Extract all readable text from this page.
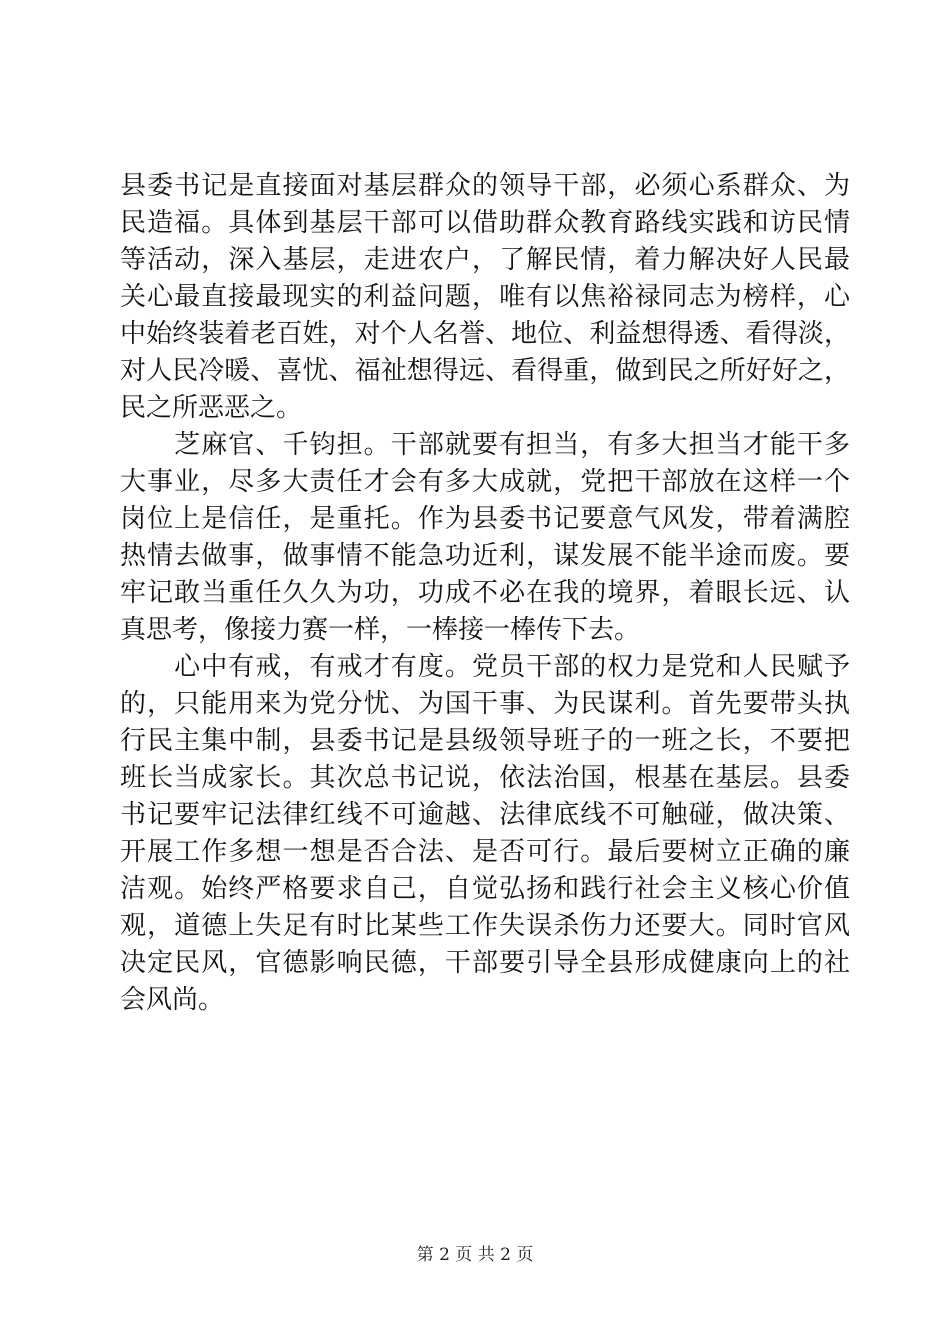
县委书记是直接面对基层群众的领导干部，必须心系群众、为
民造福。具体到基层干部可以借助群众教育路线实践和访民情
等活动，深入基层，走进农户，了解民情，着力解决好人民最
关心最直接最现实的利益问题，唯有以焦裕禄同志为榜样，心
中始终装着老百姓，对个人名誉、地位、利益想得透、看得淡，
对人民冷暖、喜忧、福祉想得远、看得重，做到民之所好好之，
民之所恶恶之。
　　芝麻官、千钧担。干部就要有担当，有多大担当才能干多
大事业，尽多大责任才会有多大成就，党把干部放在这样一个
岗位上是信任，是重托。作为县委书记要意气风发，带着满腔
热情去做事，做事情不能急功近利，谋发展不能半途而废。要
牢记敢当重任久久为功，功成不必在我的境界，着眼长远、认
真思考，像接力赛一样，一棒接一棒传下去。
　　心中有戒，有戒才有度。党员干部的权力是党和人民赋予
的，只能用来为党分忧、为国干事、为民谋利。首先要带头执
行民主集中制，县委书记是县级领导班子的一班之长，不要把
班长当成家长。其次总书记说，依法治国，根基在基层。县委
书记要牢记法律红线不可逾越、法律底线不可触碰，做决策、
开展工作多想一想是否合法、是否可行。最后要树立正确的廉
洁观。始终严格要求自己，自觉弘扬和践行社会主义核心价值
观，道德上失足有时比某些工作失误杀伤力还要大。同时官风
决定民风，官德影响民德，干部要引导全县形成健康向上的社
会风尚。
第 2 页 共 2 页
